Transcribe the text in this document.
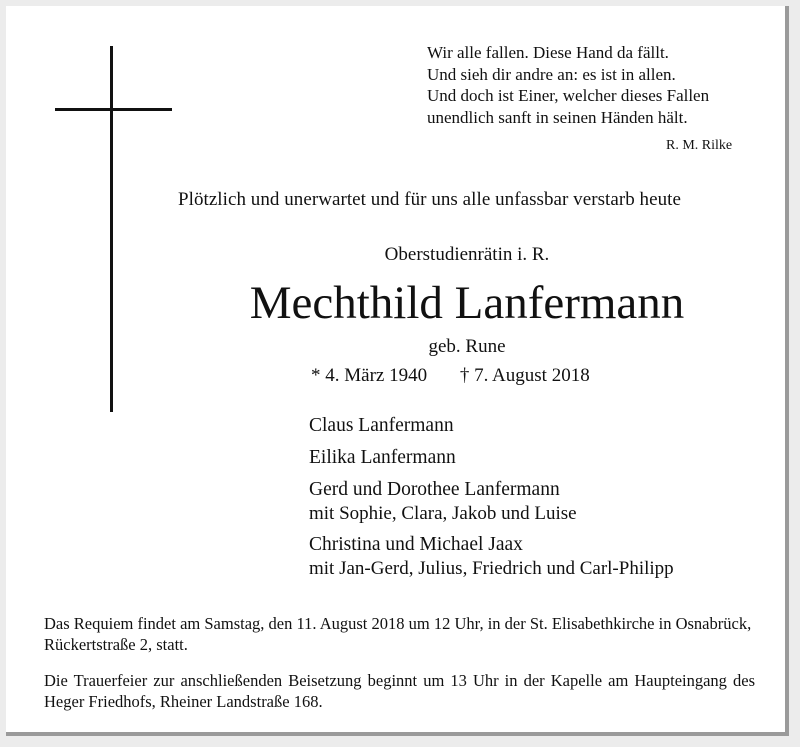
Wir alle fallen. Diese Hand da fällt.
Und sieh dir andre an: es ist in allen.
Und doch ist Einer, welcher dieses Fallen
unendlich sanft in seinen Händen hält.
R. M. Rilke
Plötzlich und unerwartet und für uns alle unfassbar verstarb heute
Oberstudienrätin i. R.
Mechthild Lanfermann
geb. Rune
* 4. März 1940 † 7. August 2018
Claus Lanfermann
Eilika Lanfermann
Gerd und Dorothee Lanfermann
mit Sophie, Clara, Jakob und Luise
Christina und Michael Jaax
mit Jan-Gerd, Julius, Friedrich und Carl-Philipp
Das Requiem findet am Samstag, den 11. August 2018 um 12 Uhr, in der St. Elisabethkirche in Osnabrück, Rückertstraße 2, statt.
Die Trauerfeier zur anschließenden Beisetzung beginnt um 13 Uhr in der Kapelle am Haupteingang des Heger Friedhofs, Rheiner Landstraße 168.
